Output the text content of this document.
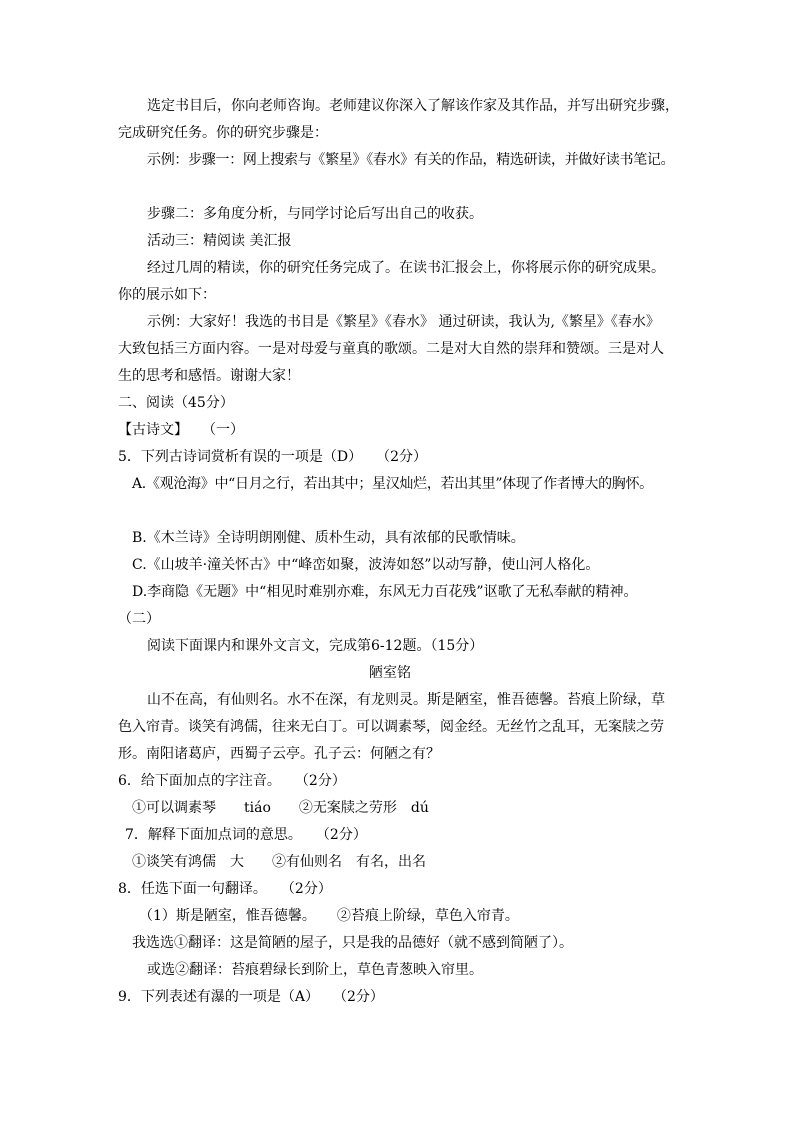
选定书目后，你向老师咨询。老师建议你深入了解该作家及其作品，并写出研究步骤，
完成研究任务。你的研究步骤是：
示例：步骤一：网上搜索与《繁星》《春水》有关的作品，精选研读，并做好读书笔记。
步骤二：多角度分析，与同学讨论后写出自己的收获。
活动三：精阅读 美汇报
经过几周的精读，你的研究任务完成了。在读书汇报会上，你将展示你的研究成果。
你的展示如下：
示例：大家好！我选的书目是《繁星》《春水》 通过研读，我认为,《繁星》《春水》
大致包括三方面内容。一是对母爱与童真的歌颂。二是对大自然的崇拜和赞颂。三是对人
生的思考和感悟。谢谢大家！
二、阅读（45分）
【古诗文】　　（一）
5．下列古诗词赏析有误的一项是（D）　　（2分）
A.《观沧海》中“日月之行，若出其中；星汉灿烂，若出其里”体现了作者博大的胸怀。
B.《木兰诗》全诗明朗刚健、质朴生动，具有浓郁的民歌情味。
C.《山坡羊·潼关怀古》中“峰峦如聚，波涛如怒”以动写静，使山河人格化。
D.李商隐《无题》中“相见时难别亦难，东风无力百花残”讴歌了无私奉献的精神。
（二）
阅读下面课内和课外文言文，完成第6-12题。（15分）
陋室铭
山不在高，有仙则名。水不在深，有龙则灵。斯是陋室，惟吾德馨。苔痕上阶绿，草
色入帘青。谈笑有鸿儒，往来无白丁。可以调素琴，阅金经。无丝竹之乱耳，无案牍之劳
形。南阳诸葛庐，西蜀子云亭。孔子云：何陋之有？
6．给下面加点的字注音。　　（2分）
①可以调素琴　　tiáo　　②无案牍之劳形　dú
7．解释下面加点词的意思。　　（2分）
①谈笑有鸿儒　大　　②有仙则名　有名，出名
8．任选下面一句翻译。　　（2分）
（1）斯是陋室，惟吾德馨。　　②苔痕上阶绿，草色入帘青。
我选选①翻译：这是简陋的屋子，只是我的品德好（就不感到简陋了）。
或选②翻译：苔痕碧绿长到阶上，草色青葱映入帘里。
9．下列表述有瀑的一项是（A）　　（2分）
